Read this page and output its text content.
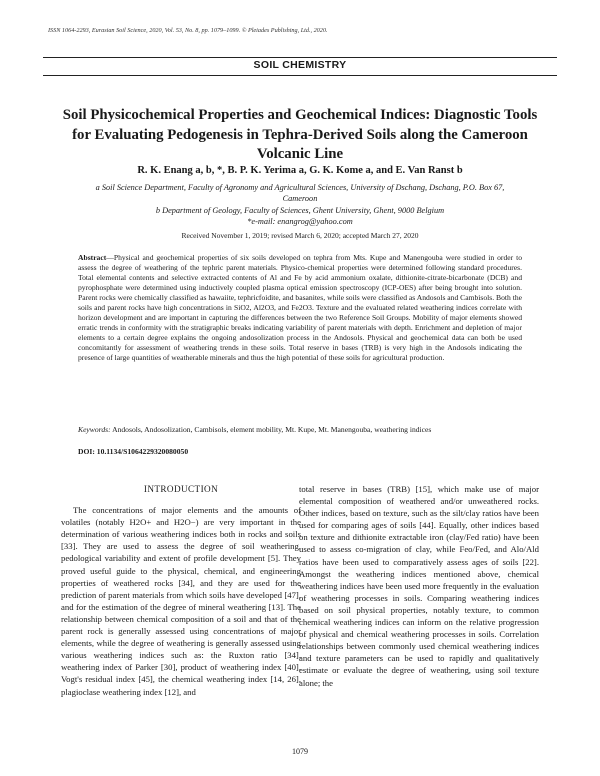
ISSN 1064-2293, Eurasian Soil Science, 2020, Vol. 53, No. 8, pp. 1079–1099. © Pleiades Publishing, Ltd., 2020.
SOIL CHEMISTRY
Soil Physicochemical Properties and Geochemical Indices: Diagnostic Tools for Evaluating Pedogenesis in Tephra-Derived Soils along the Cameroon Volcanic Line
R. K. Enang a, b, *, B. P. K. Yerima a, G. K. Kome a, and E. Van Ranst b
a Soil Science Department, Faculty of Agronomy and Agricultural Sciences, University of Dschang, Dschang, P.O. Box 67, Cameroon
b Department of Geology, Faculty of Sciences, Ghent University, Ghent, 9000 Belgium
*e-mail: enangrog@yahoo.com
Received November 1, 2019; revised March 6, 2020; accepted March 27, 2020
Abstract—Physical and geochemical properties of six soils developed on tephra from Mts. Kupe and Manengouba were studied in order to assess the degree of weathering of the tephric parent materials. Physico-chemical properties were determined following standard procedures. Total elemental contents and selective extracted contents of Al and Fe by acid ammonium oxalate, dithionite-citrate-bicarbonate (DCB) and pyrophosphate were determined using inductively coupled plasma optical emission spectroscopy (ICP-OES) after being brought into solution. Parent rocks were chemically classified as hawaiite, tephricfoidite, and basanites, while soils were classified as Andosols and Cambisols. Both the soils and parent rocks have high concentrations in SiO2, Al2O3, and Fe2O3. Texture and the evaluated related weathering indices correlate with horizon development and are important in capturing the differences between the two Reference Soil Groups. Mobility of major elements showed erratic trends in conformity with the stratigraphic breaks indicating variability of parent materials with depth. Enrichment and depletion of major elements to a certain degree explains the ongoing andosolization process in the Andosols. Physical and geochemical data can both be used concomitantly for assessment of weathering trends in these soils. Total reserve in bases (TRB) is very high in the Andosols indicating the presence of large quantities of weatherable minerals and thus the high potential of these soils for agricultural production.
Keywords: Andosols, Andosolization, Cambisols, element mobility, Mt. Kupe, Mt. Manengouba, weathering indices
DOI: 10.1134/S1064229320080050
INTRODUCTION

The concentrations of major elements and the amounts of volatiles (notably H2O+ and H2O−) are very important in the determination of various weathering indices both in rocks and soils [33]. They are used to assess the degree of soil weathering, pedological variability and extent of profile development [5]. They proved useful guide to the physical, chemical, and engineering properties of weathered rocks [34], and they are used for the prediction of parent materials from which soils have developed [47], and for the estimation of the degree of mineral weathering [13]. The relationship between chemical composition of a soil and that of the parent rock is generally assessed using concentrations of major elements, while the degree of weathering is generally assessed using various weathering indices such as: the Ruxton ratio [34], weathering index of Parker [30], product of weathering index [40], Vogt's residual index [45], the chemical weathering index [14, 26], plagioclase weathering index [12], and

total reserve in bases (TRB) [15], which make use of major elemental composition of weathered and/or unweathered rocks. Other indices, based on texture, such as the silt/clay ratios have been used for comparing ages of soils [44]. Equally, other indices based on texture and dithionite extractable iron (clay/Fed ratio) have been used to assess co-migration of clay, while Feo/Fed, and Alo/Ald ratios have been used to comparatively assess ages of soils [22]. Amongst the weathering indices mentioned above, chemical weathering indices have been used more frequently in the evaluation of weathering processes in soils. Comparing weathering indices based on soil physical properties, notably texture, to common chemical weathering indices can inform on the relative progression of physical and chemical weathering processes in soils. Correlation relationships between commonly used chemical weathering indices and texture parameters can be used to rapidly and qualitatively estimate or evaluate the degree of weathering, using soil texture alone; the

1079
